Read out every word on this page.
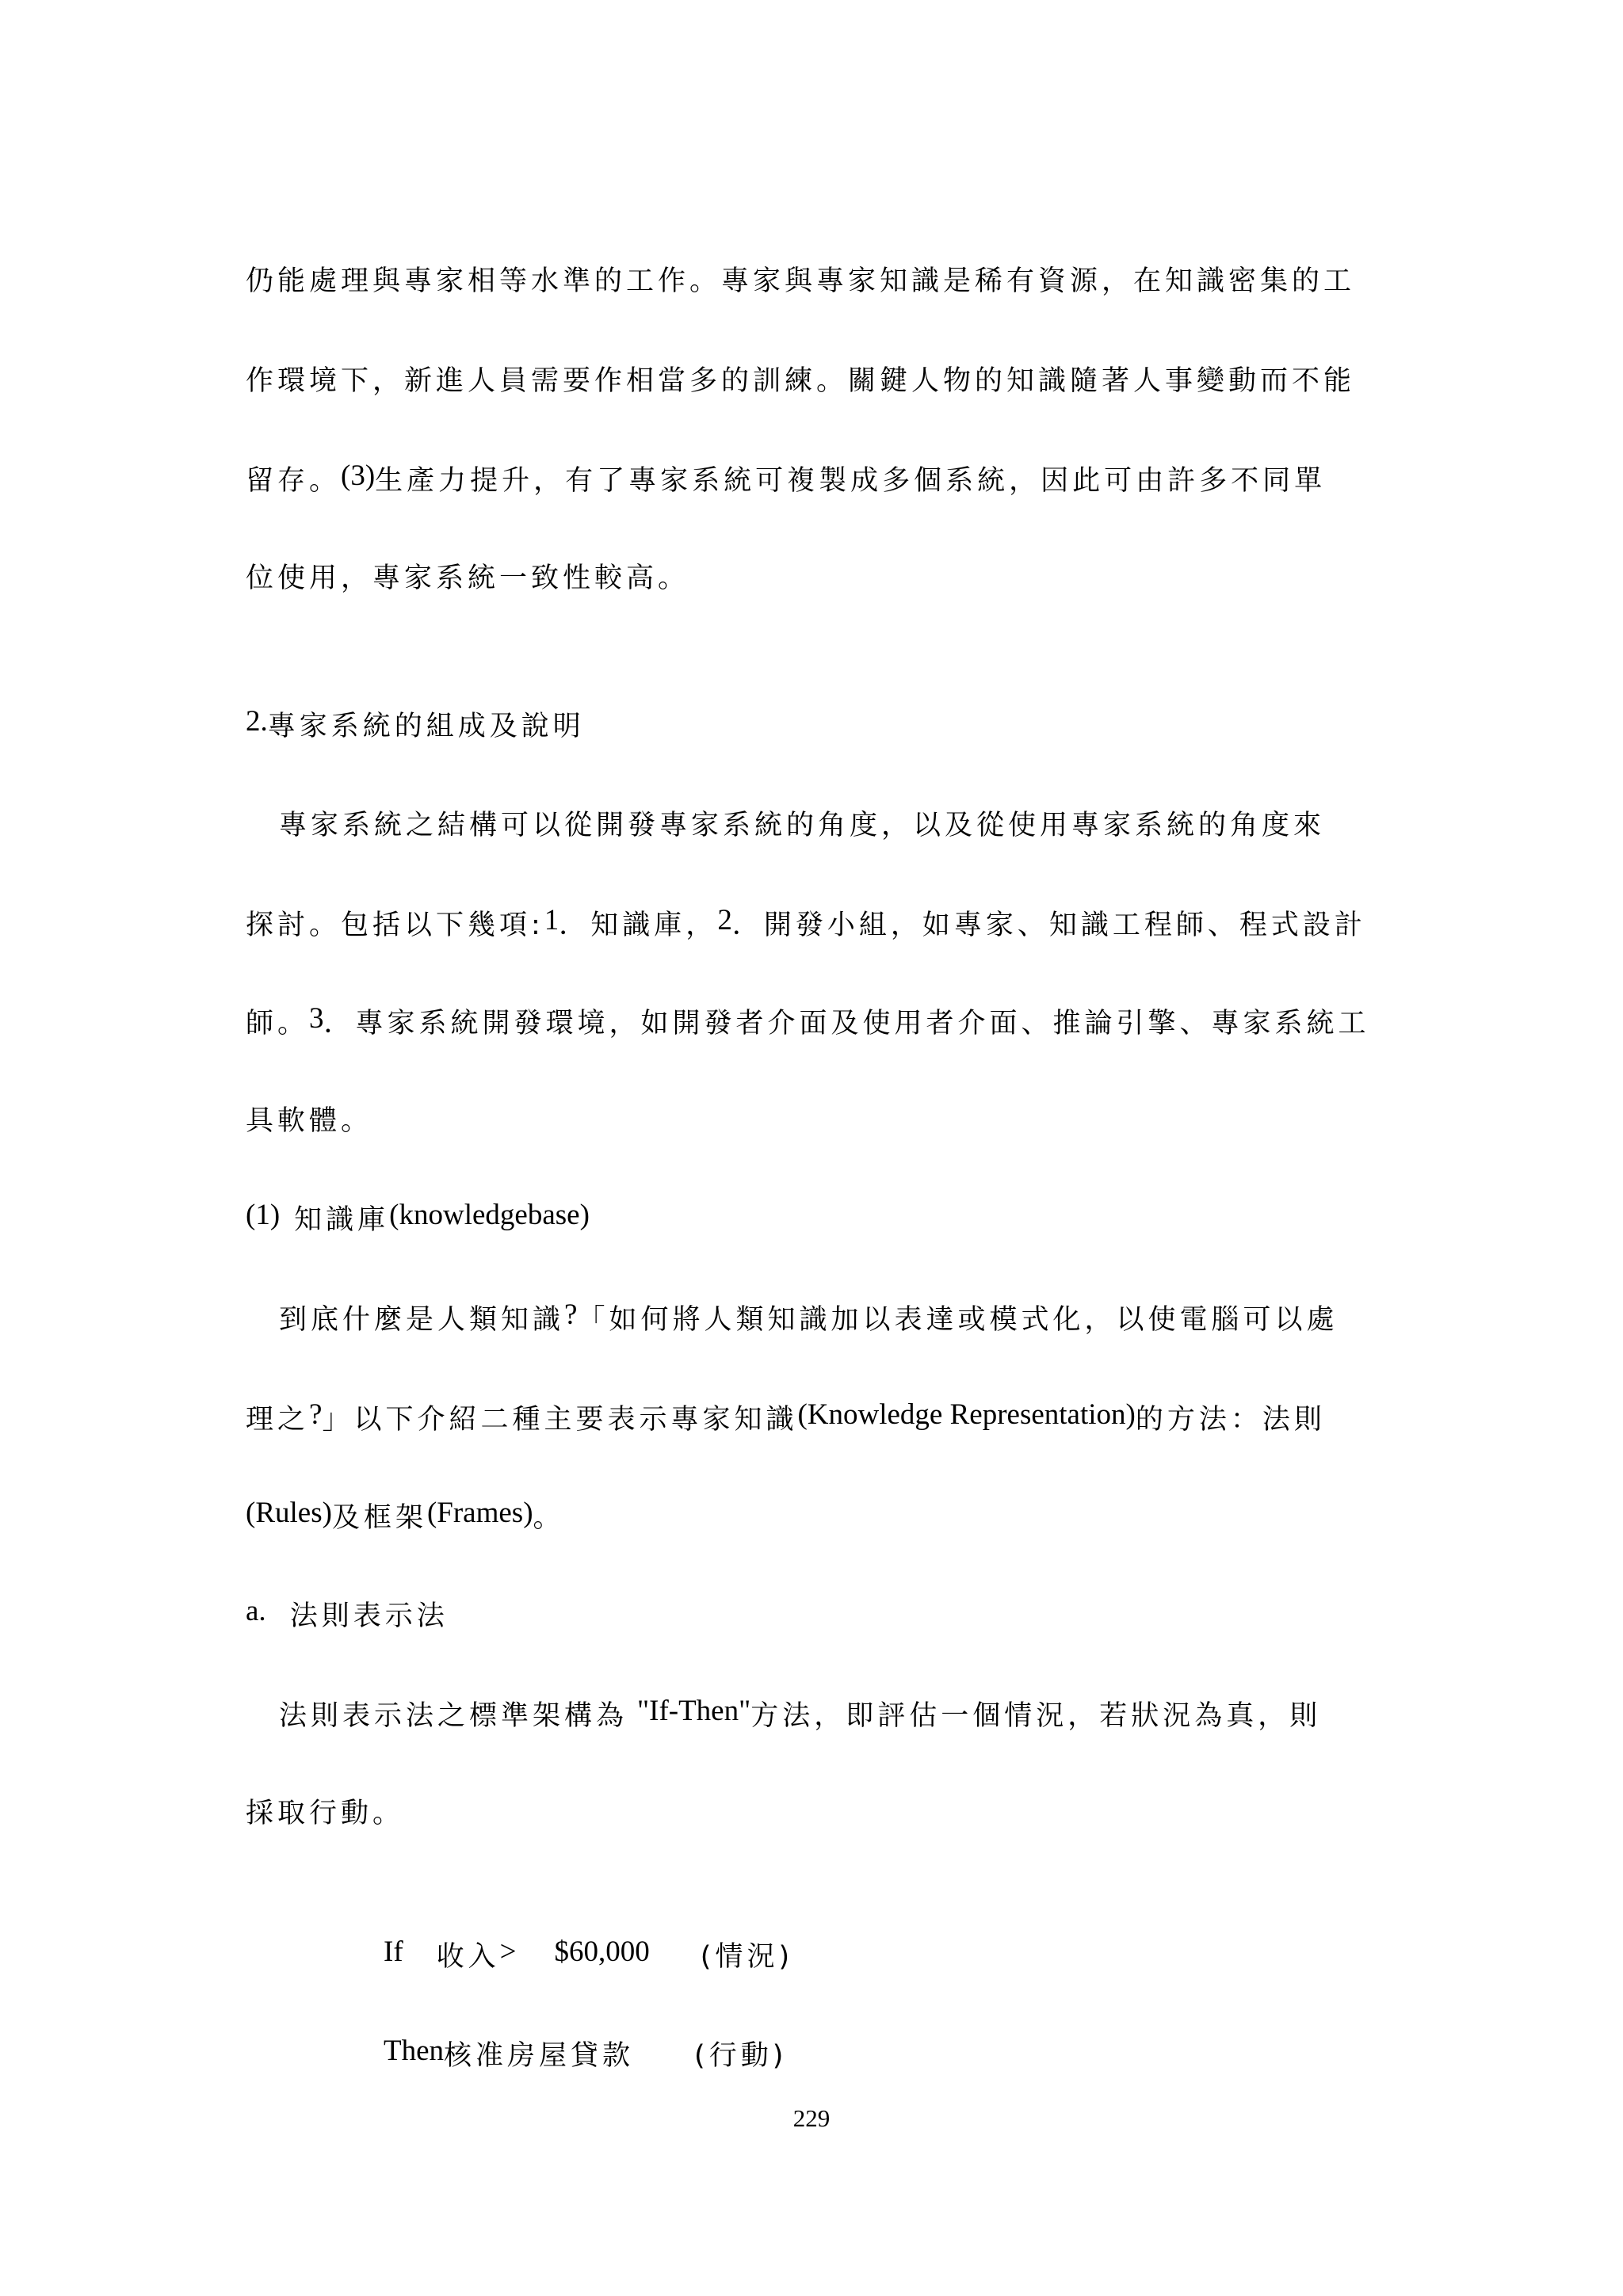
仍能處理與專家相等水準的工作。專家與專家知識是稀有資源，在知識密集的工
作環境下，新進人員需要作相當多的訓練。關鍵人物的知識隨著人事變動而不能
留存。(3)生產力提升，有了專家系統可複製成多個系統，因此可由許多不同單
位使用，專家系統一致性較高。
2.專家系統的組成及說明
專家系統之結構可以從開發專家系統的角度，以及從使用專家系統的角度來
探討。包括以下幾項:1．知識庫，2．開發小組，如專家、知識工程師、程式設計
師。3．專家系統開發環境，如開發者介面及使用者介面、推論引擎、專家系統工
具軟體。
(1) 知識庫(knowledgebase)
到底什麼是人類知識?「如何將人類知識加以表達或模式化，以使電腦可以處
理之?」以下介紹二種主要表示專家知識(Knowledge Representation)的方法：法則
(Rules)及框架(Frames)。
a. 法則表示法
法則表示法之標準架構為 "If-Then"方法，即評估一個情況，若狀況為真，則
採取行動。
If 收入> $60,000 (情況)
Then核准房屋貸款 (行動)
229
